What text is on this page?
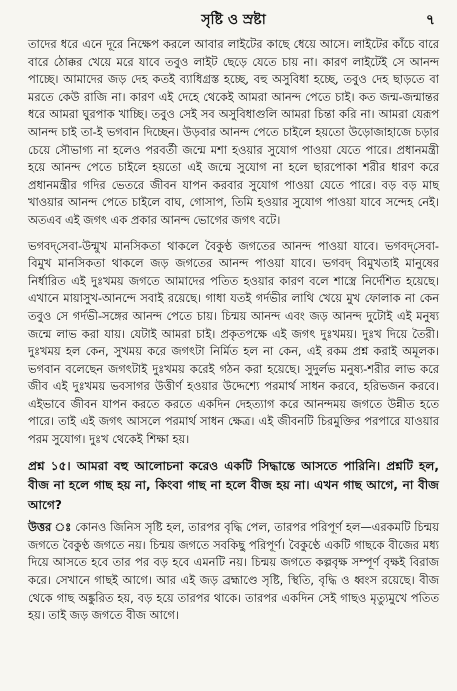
সৃষ্টি ও স্রষ্টা	৭

তাদের ধরে এনে দূরে নিক্ষেপ করলে আবার লাইটের কাছে ধেয়ে আসে। লাইটের কাঁচে বারে বারে ঠোক্কর খেয়ে মরে যাবে তবুও লাইট ছেড়ে যেতে চায় না। কারণ লাইটেই সে আনন্দ পাচ্ছে। আমাদের জড় দেহ কতই ব্যাধিগ্রস্ত হচ্ছে, বহু অসুবিধা হচ্ছে, তবুও দেহ ছাড়তে বা মরতে কেউ রাজি না। কারণ এই দেহে থেকেই আমরা আনন্দ পেতে চাই। কত জন্ম-জন্মান্তর ধরে আমরা ঘুরপাক খাচ্ছি। তবুও সেই সব অসুবিধাগুলি আমরা চিন্তা করি না। আমরা যেরূপ আনন্দ চাই তা-ই ভগবান দিচ্ছেন। উড়বার আনন্দ পেতে চাইলে হয়তো উড়োজাহাজে চড়ার চেয়ে সৌভাগ্য না হলেও পরবর্তী জন্মে মশা হওয়ার সুযোগ পাওয়া যেতে পারে। প্রধানমন্ত্রী হয়ে আনন্দ পেতে চাইলে হয়তো এই জন্মে সুযোগ না হলে ছারপোকা শরীর ধারণ করে প্রধানমন্ত্রীর গদির ভেতরে জীবন যাপন করবার সুযোগ পাওয়া যেতে পারে। বড় বড় মাছ খাওয়ার আনন্দ পেতে চাইলে বাঘ, গোসাপ, তিমি হওয়ার সুযোগ পাওয়া যাবে সন্দেহ নেই। অতএব এই জগৎ এক প্রকার আনন্দ ভোগের জগৎ বটে।

ভগবদ্‌সেবা-উন্মুখ মানসিকতা থাকলে বৈকুণ্ঠ জগতের আনন্দ পাওয়া যাবে। ভগবদ্‌সেবা-বিমুখ মানসিকতা থাকলে জড় জগতের আনন্দ পাওয়া যাবে। ভগবদ্‌ বিমুখতাই মানুষের নির্ধারিত এই দুঃখময় জগতে আমাদের পতিত হওয়ার কারণ বলে শাস্ত্রে নির্দেশিত হয়েছে। এখানে মায়াসুখ-আনন্দে সবাই রয়েছে। গাধা যতই গর্দভীর লাথি খেয়ে মুখ ফোলাক না কেন তবুও সে গর্দভী-সঙ্গের আনন্দ পেতে চায়। চিন্ময় আনন্দ এবং জড় আনন্দ দুটোই এই মনুষ্য জন্মে লাভ করা যায়। যেটাই আমরা চাই। প্রকৃতপক্ষে এই জগৎ দুঃখময়। দুঃখ দিয়ে তৈরী। দুঃখময় হল কেন, সুখময় করে জগৎটা নির্মিত হল না কেন, এই রকম প্রশ্ন করাই অমূলক। ভগবান বলেছেন জগৎটাই দুঃখময় করেই গঠন করা হয়েছে। সুদুর্লভ মনুষ্য-শরীর লাভ করে জীব এই দুঃখময় ভবসাগর উত্তীর্ণ হওয়ার উদ্দেশ্যে পরমার্থ সাধন করবে, হরিভজন করবে। এইভাবে জীবন যাপন করতে করতে একদিন দেহত্যাগ করে আনন্দময় জগতে উন্নীত হতে পারে। তাই এই জগৎ আসলে পরমার্থ সাধন ক্ষেত্র। এই জীবনটি চিরমুক্তির পরপারে যাওয়ার পরম সুযোগ। দুঃখ থেকেই শিক্ষা হয়।

প্রশ্ন ১৫। আমরা বহু আলোচনা করেও একটি সিদ্ধান্তে আসতে পারিনি। প্রশ্নটি হল, বীজ না হলে গাছ হয় না, কিংবা গাছ না হলে বীজ হয় না। এখন গাছ আগে, না বীজ আগে?

উত্তর ঃ কোনও জিনিস সৃষ্টি হল, তারপর বৃদ্ধি পেল, তারপর পরিপূর্ণ হল—এরকমটি চিন্ময় জগতে বৈকুণ্ঠ জগতে নয়। চিন্ময় জগতে সবকিছু পরিপূর্ণ। বৈকুণ্ঠে একটি গাছকে বীজের মধ্য দিয়ে আসতে হবে তার পর বড় হবে এমনটি নয়। চিন্ময় জগতে কল্পবৃক্ষ সম্পূর্ণ বৃক্ষই বিরাজ করে। সেখানে গাছই আগে। আর এই জড় ব্রহ্মাণ্ডে সৃষ্টি, স্থিতি, বৃদ্ধি ও ধ্বংস রয়েছে। বীজ থেকে গাছ অঙ্কুরিত হয়, বড় হয়ে তারপর থাকে। তারপর একদিন সেই গাছও মৃত্যুমুখে পতিত হয়। তাই জড় জগতে বীজ আগে।
